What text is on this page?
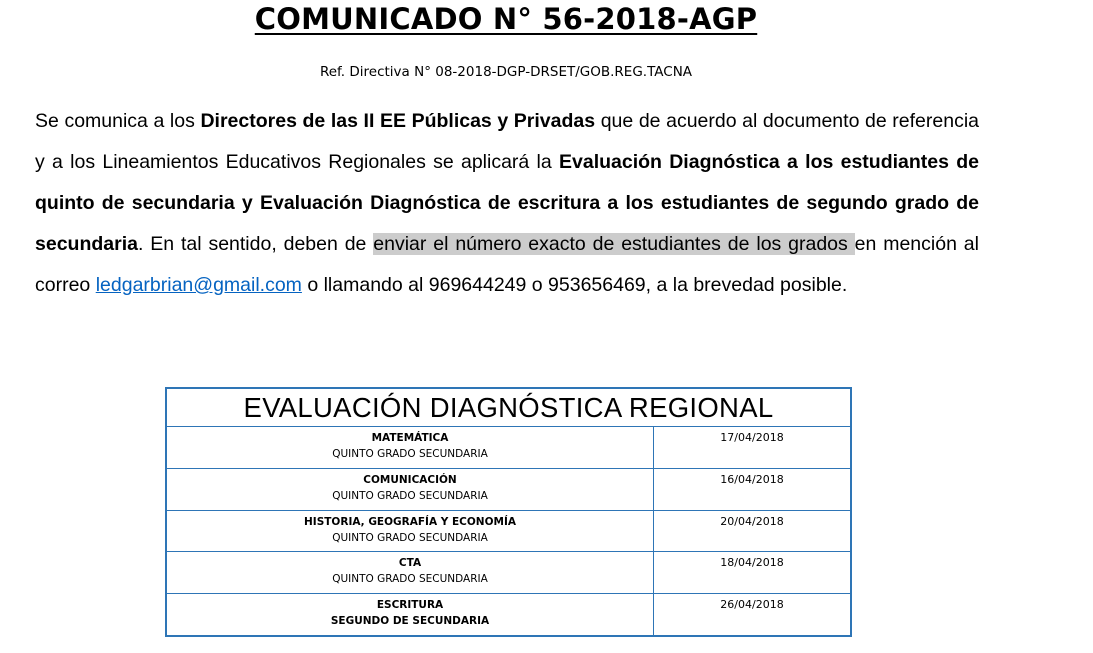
COMUNICADO N° 56-2018-AGP
Ref. Directiva N° 08-2018-DGP-DRSET/GOB.REG.TACNA
Se comunica a los Directores de las II EE Públicas y Privadas que de acuerdo al documento de referencia y a los Lineamientos Educativos Regionales se aplicará la Evaluación Diagnóstica a los estudiantes de quinto de secundaria y Evaluación Diagnóstica de escritura a los estudiantes de segundo grado de secundaria. En tal sentido, deben de enviar el número exacto de estudiantes de los grados en mención al correo ledgarbrian@gmail.com o llamando al 969644249 o 953656469, a la brevedad posible.
EVALUACIÓN DIAGNÓSTICA REGIONAL
MATEMÁTICA
QUINTO GRADO SECUNDARIA
17/04/2018
COMUNICACIÓN
QUINTO GRADO SECUNDARIA
16/04/2018
HISTORIA, GEOGRAFÍA Y ECONOMÍA
QUINTO GRADO SECUNDARIA
20/04/2018
CTA
QUINTO GRADO SECUNDARIA
18/04/2018
ESCRITURA
SEGUNDO DE SECUNDARIA
26/04/2018
